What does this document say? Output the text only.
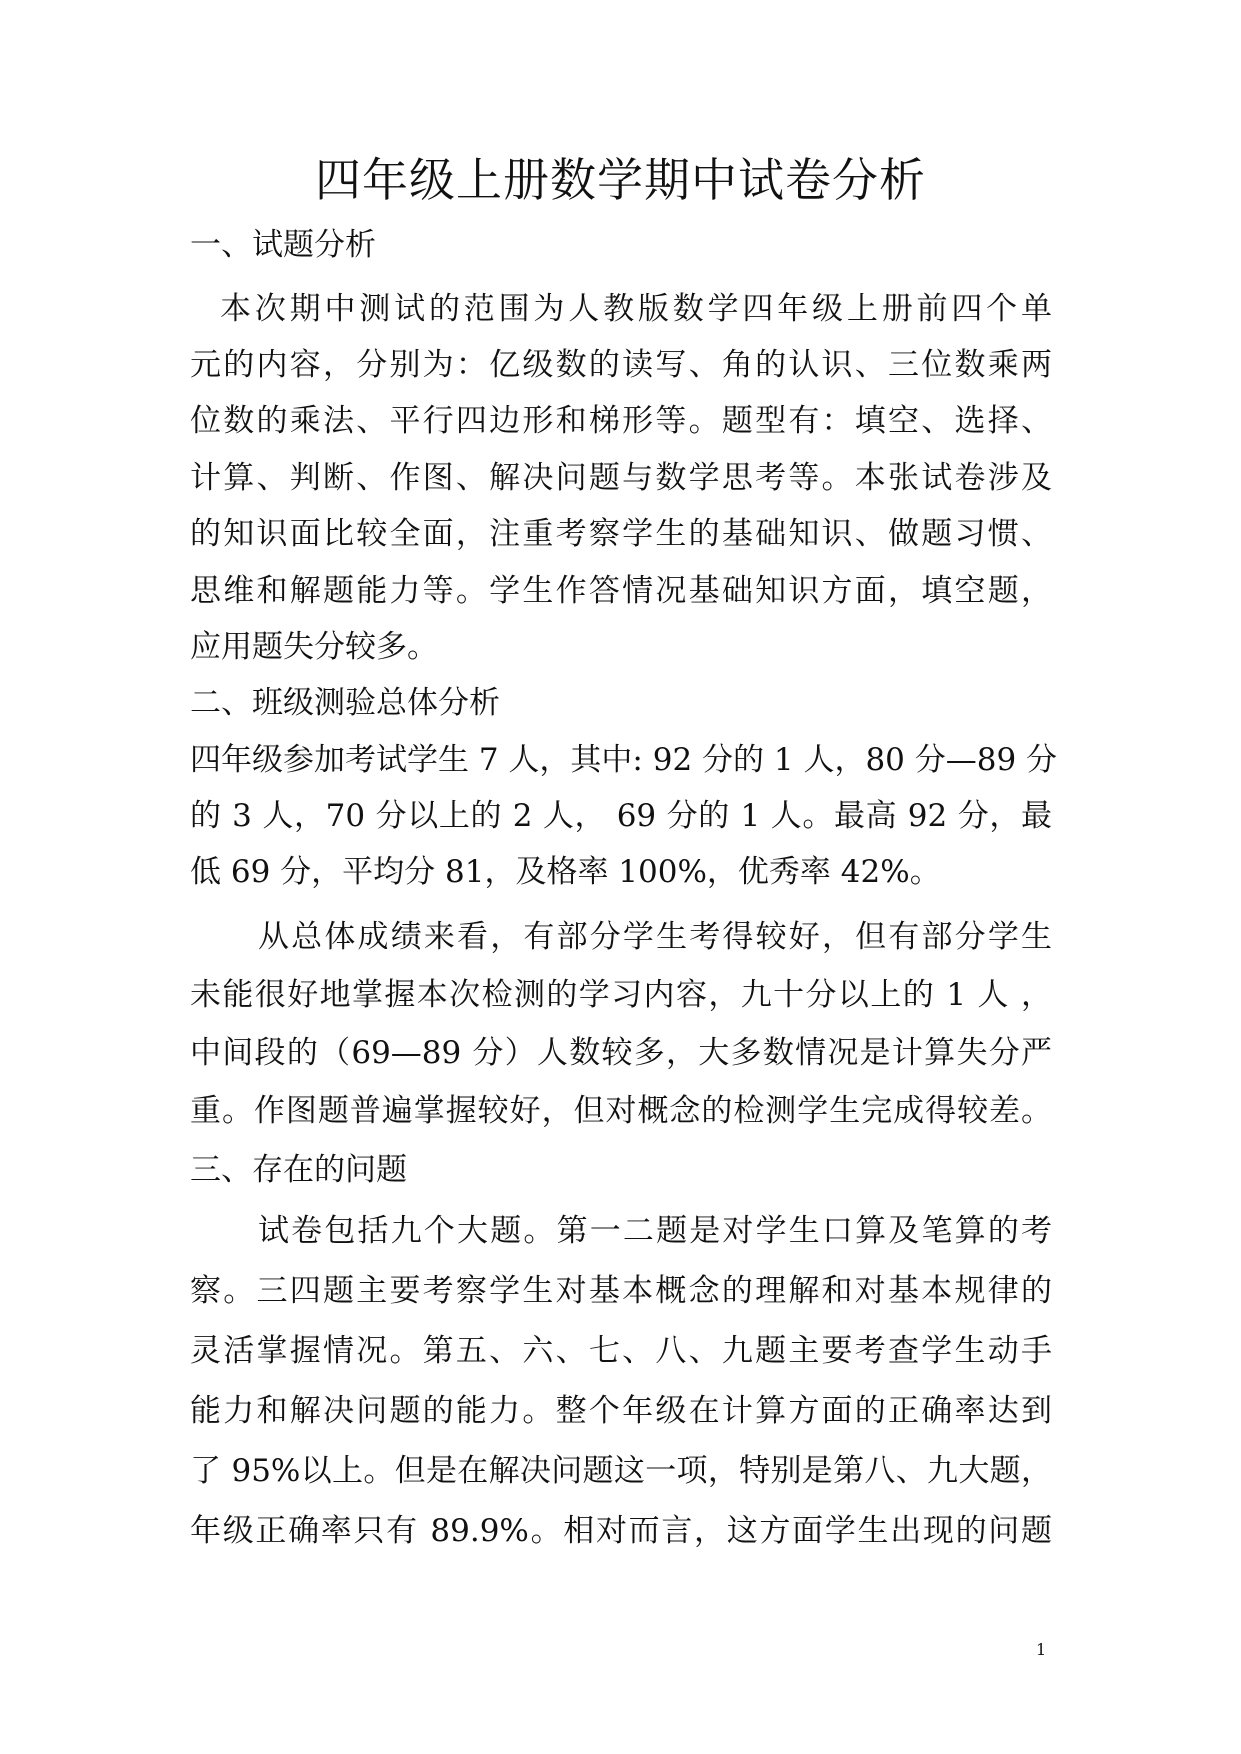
四年级上册数学期中试卷分析

一、试题分析

本次期中测试的范围为人教版数学四年级上册前四个单

元的内容，分别为：亿级数的读写、角的认识、三位数乘两

位数的乘法、平行四边形和梯形等。题型有：填空、选择、

计算、判断、作图、解决问题与数学思考等。本张试卷涉及

的知识面比较全面，注重考察学生的基础知识、做题习惯、

思维和解题能力等。学生作答情况基础知识方面，填空题，

应用题失分较多。

二、班级测验总体分析

四年级参加考试学生 7 人，其中: 92 分的 1 人，80 分—89 分

的 3 人，70 分以上的 2 人， 69 分的 1 人。最高 92 分，最

低 69 分，平均分 81，及格率 100%，优秀率 42%。

从总体成绩来看，有部分学生考得较好，但有部分学生

未能很好地掌握本次检测的学习内容，九十分以上的 1 人 ，

中间段的（69—89 分）人数较多，大多数情况是计算失分严

重。作图题普遍掌握较好，但对概念的检测学生完成得较差。

三、存在的问题

试卷包括九个大题。第一二题是对学生口算及笔算的考

察。三四题主要考察学生对基本概念的理解和对基本规律的

灵活掌握情况。第五、六、七、八、九题主要考查学生动手

能力和解决问题的能力。整个年级在计算方面的正确率达到

了 95%以上。但是在解决问题这一项，特别是第八、九大题，

年级正确率只有 89.9%。相对而言，这方面学生出现的问题

1
